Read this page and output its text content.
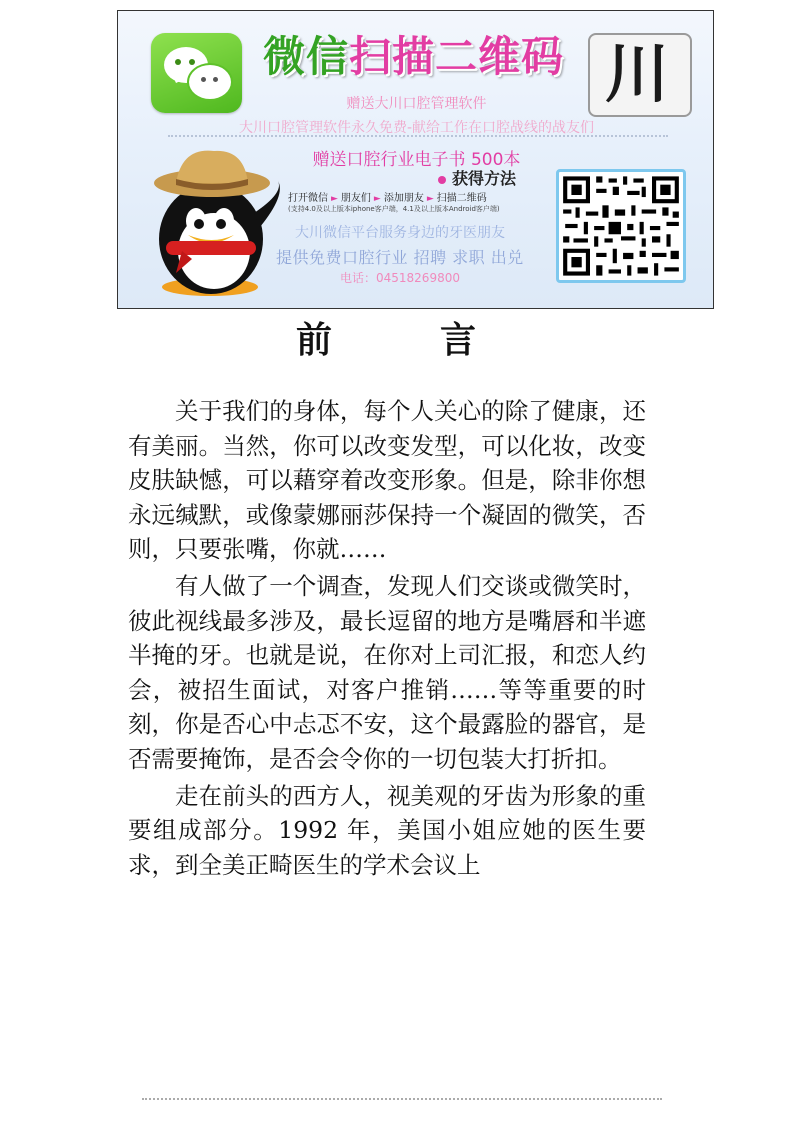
微信扫描二维码 川
赠送大川口腔管理软件
大川口腔管理软件永久免费-献给工作在口腔战线的战友们
赠送口腔行业电子书 500本
获得方法
打开微信 ► 朋友们 ► 添加朋友 ► 扫描二维码
(支持4.0及以上版本iphone客户端，4.1及以上版本Android客户端)
大川微信平台服务身边的牙医朋友
提供免费口腔行业 招聘 求职 出兑
电话：04518269800
前	言

关于我们的身体，每个人关心的除了健康，还有美丽。当然，你可以改变发型，可以化妆，改变皮肤缺憾，可以藉穿着改变形象。但是，除非你想永远缄默，或像蒙娜丽莎保持一个凝固的微笑，否则，只要张嘴，你就……

有人做了一个调查，发现人们交谈或微笑时，彼此视线最多涉及，最长逗留的地方是嘴唇和半遮半掩的牙。也就是说，在你对上司汇报，和恋人约会，被招生面试，对客户推销……等等重要的时刻，你是否心中忐忑不安，这个最露脸的器官，是否需要掩饰，是否会令你的一切包装大打折扣。

走在前头的西方人，视美观的牙齿为形象的重要组成部分。1992 年，美国小姐应她的医生要求，到全美正畸医生的学术会议上
